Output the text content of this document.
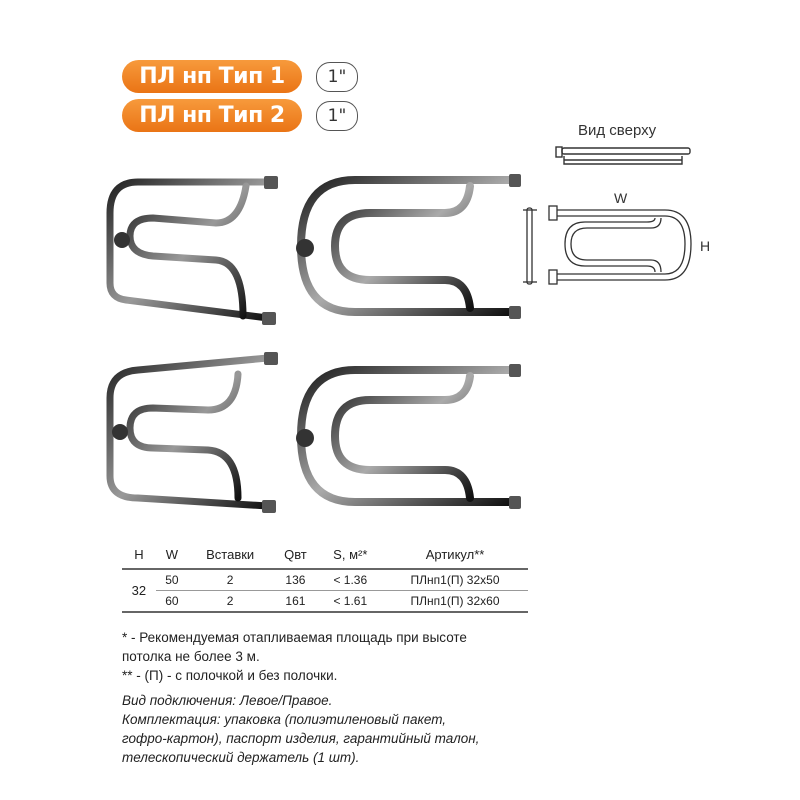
ПЛ нп Тип 1	1"
ПЛ нп Тип 2	1"
Вид сверху
W
H
H	W	Вставки	Qвт	S, м²*	Артикул**
32	50	2	136	< 1.36	ПЛнп1(П) 32х50
	60	2	161	< 1.61	ПЛнп1(П) 32х60

* - Рекомендуемая отапливаемая площадь при высоте

потолка не более 3 м.

** - (П) - с полочкой и без полочки.

Вид подключения: Левое/Правое.

Комплектация: упаковка (полиэтиленовый пакет,

гофро-картон), паспорт изделия, гарантийный талон,

телескопический держатель (1 шт).
